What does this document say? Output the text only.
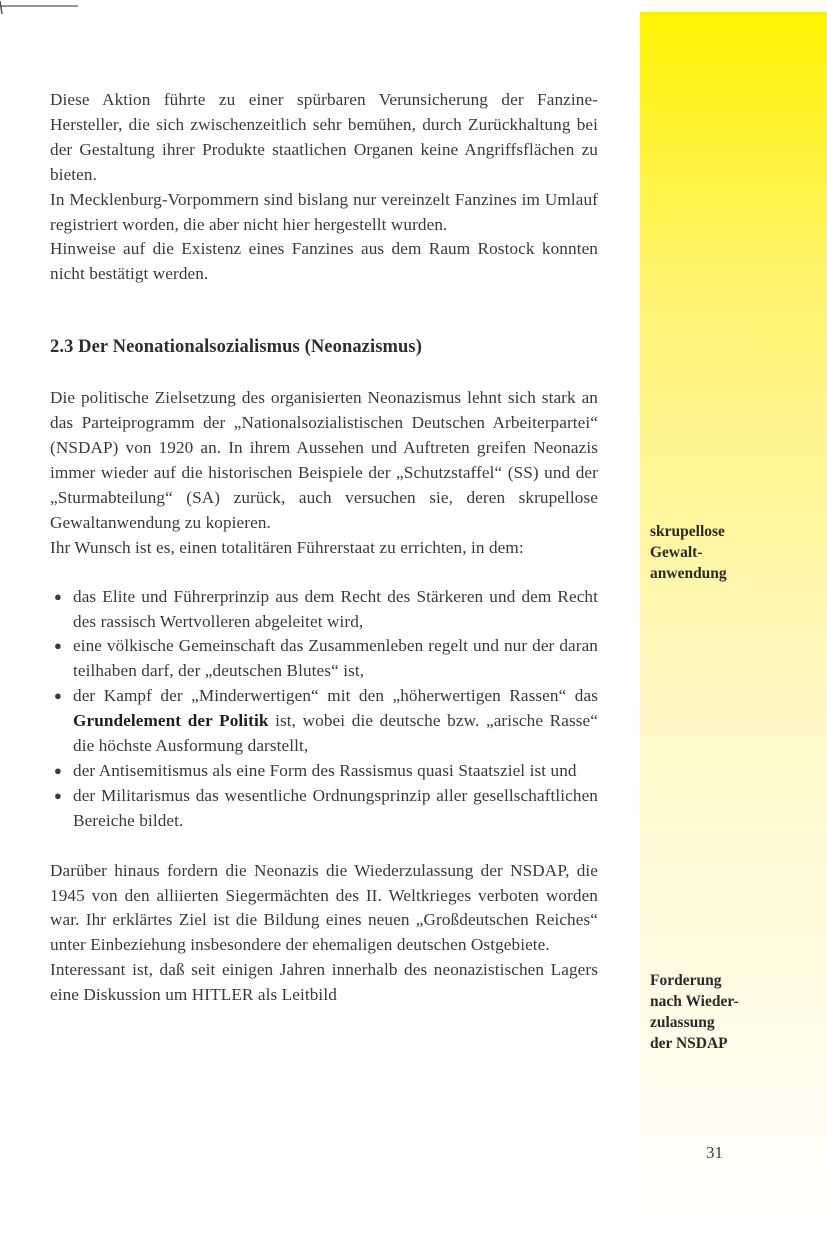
Diese Aktion führte zu einer spürbaren Verunsicherung der Fanzine-Hersteller, die sich zwischenzeitlich sehr bemühen, durch Zurückhaltung bei der Gestaltung ihrer Produkte staatlichen Organen keine Angriffsflächen zu bieten.

In Mecklenburg-Vorpommern sind bislang nur vereinzelt Fanzines im Umlauf registriert worden, die aber nicht hier hergestellt wurden.

Hinweise auf die Existenz eines Fanzines aus dem Raum Rostock konnten nicht bestätigt werden.

2.3 Der Neonationalsozialismus (Neonazismus)

Die politische Zielsetzung des organisierten Neonazismus lehnt sich stark an das Parteiprogramm der „Nationalsozialistischen Deutschen Arbeiterpartei“ (NSDAP) von 1920 an. In ihrem Aussehen und Auftreten greifen Neonazis immer wieder auf die historischen Beispiele der „Schutzstaffel“ (SS) und der „Sturmabteilung“ (SA) zurück, auch versuchen sie, deren skrupellose Gewaltanwendung zu kopieren.

Ihr Wunsch ist es, einen totalitären Führerstaat zu errichten, in dem:

● das Elite und Führerprinzip aus dem Recht des Stärkeren und dem Recht des rassisch Wertvolleren abgeleitet wird,
● eine völkische Gemeinschaft das Zusammenleben regelt und nur der daran teilhaben darf, der „deutschen Blutes“ ist,
● der Kampf der „Minderwertigen“ mit den „höherwertigen Rassen“ das Grundelement der Politik ist, wobei die deutsche bzw. „arische Rasse“ die höchste Ausformung darstellt,
● der Antisemitismus als eine Form des Rassismus quasi Staatsziel ist und
● der Militarismus das wesentliche Ordnungsprinzip aller gesellschaftlichen Bereiche bildet.

Darüber hinaus fordern die Neonazis die Wiederzulassung der NSDAP, die 1945 von den alliierten Siegermächten des II. Weltkrieges verboten worden war. Ihr erklärtes Ziel ist die Bildung eines neuen „Großdeutschen Reiches“ unter Einbeziehung insbesondere der ehemaligen deutschen Ostgebiete.

Interessant ist, daß seit einigen Jahren innerhalb des neonazistischen Lagers eine Diskussion um HITLER als Leitbild

skrupellose
Gewalt-
anwendung
Forderung
nach Wieder-
zulassung
der NSDAP
31
